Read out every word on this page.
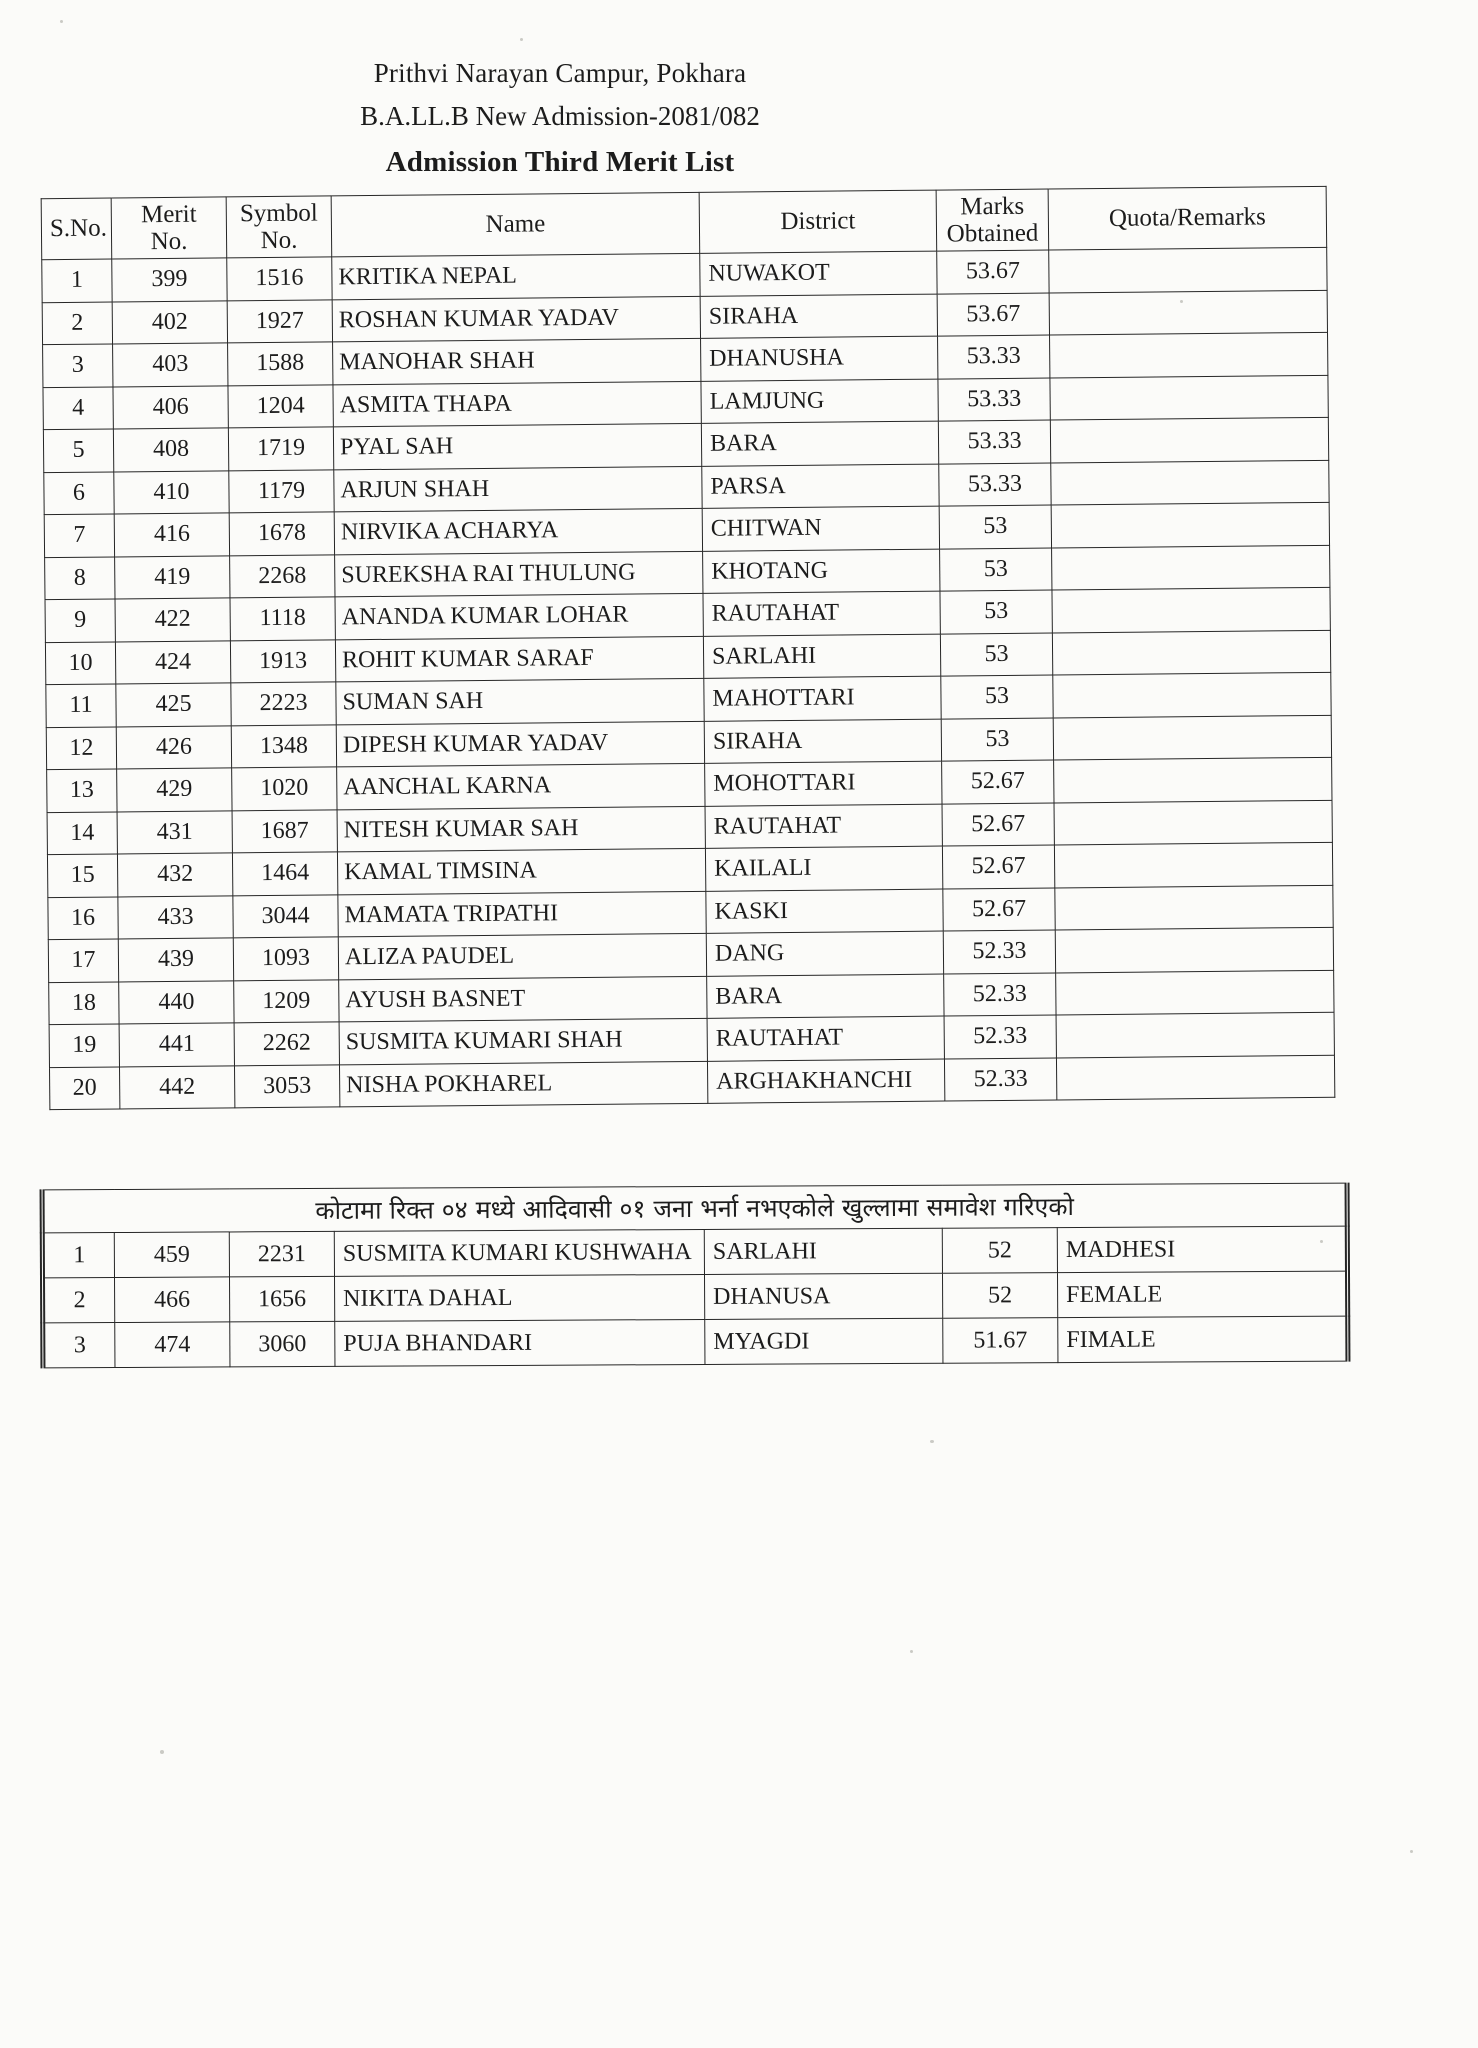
Prithvi Narayan Campur, Pokhara
B.A.LL.B New Admission-2081/082
Admission Third Merit List
S.No.	Merit No.	Symbol No.	Name	District	Marks Obtained	Quota/Remarks
1	399	1516	KRITIKA NEPAL	NUWAKOT	53.67	
2	402	1927	ROSHAN KUMAR YADAV	SIRAHA	53.67	
3	403	1588	MANOHAR SHAH	DHANUSHA	53.33	
4	406	1204	ASMITA THAPA	LAMJUNG	53.33	
5	408	1719	PYAL SAH	BARA	53.33	
6	410	1179	ARJUN SHAH	PARSA	53.33	
7	416	1678	NIRVIKA ACHARYA	CHITWAN	53	
8	419	2268	SUREKSHA RAI THULUNG	KHOTANG	53	
9	422	1118	ANANDA KUMAR LOHAR	RAUTAHAT	53	
10	424	1913	ROHIT KUMAR SARAF	SARLAHI	53	
11	425	2223	SUMAN SAH	MAHOTTARI	53	
12	426	1348	DIPESH KUMAR YADAV	SIRAHA	53	
13	429	1020	AANCHAL KARNA	MOHOTTARI	52.67	
14	431	1687	NITESH KUMAR SAH	RAUTAHAT	52.67	
15	432	1464	KAMAL TIMSINA	KAILALI	52.67	
16	433	3044	MAMATA TRIPATHI	KASKI	52.67	
17	439	1093	ALIZA PAUDEL	DANG	52.33	
18	440	1209	AYUSH BASNET	BARA	52.33	
19	441	2262	SUSMITA KUMARI SHAH	RAUTAHAT	52.33	
20	442	3053	NISHA POKHAREL	ARGHAKHANCHI	52.33	
कोटामा रिक्त ०४ मध्ये आदिवासी ०१ जना भर्ना नभएकोले खुल्लामा समावेश गरिएको						
1	459	2231	SUSMITA KUMARI KUSHWAHA	SARLAHI	52	MADHESI
2	466	1656	NIKITA DAHAL	DHANUSA	52	FEMALE
3	474	3060	PUJA BHANDARI	MYAGDI	51.67	FIMALE
